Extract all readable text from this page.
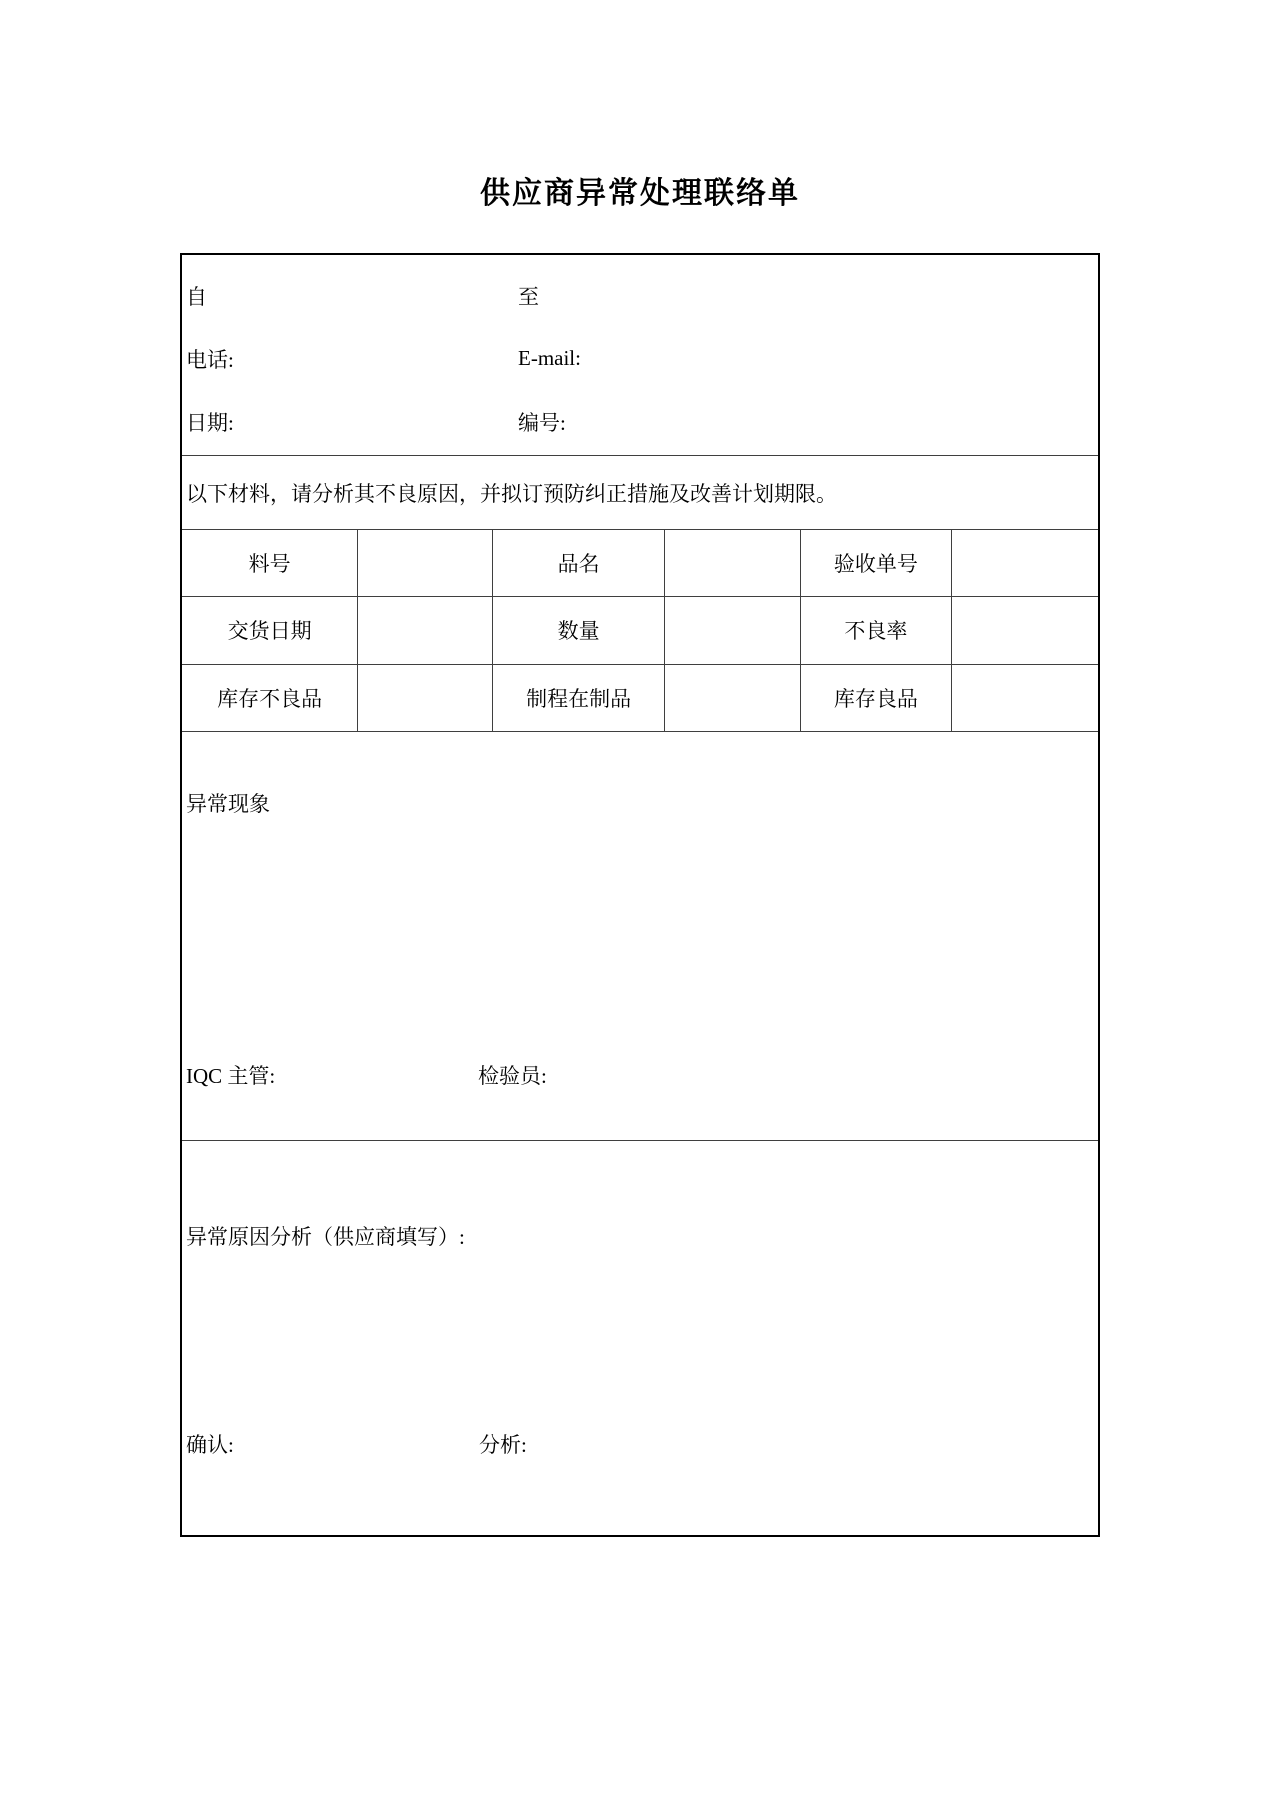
供应商异常处理联络单
自	至
电话:	E-mail:
日期:	编号:
以下材料，请分析其不良原因，并拟订预防纠正措施及改善计划期限。
料号		品名		验收单号	
交货日期		数量		不良率	
库存不良品		制程在制品		库存良品	
异常现象
IQC 主管:	检验员:
异常原因分析（供应商填写）:
确认:	分析:
